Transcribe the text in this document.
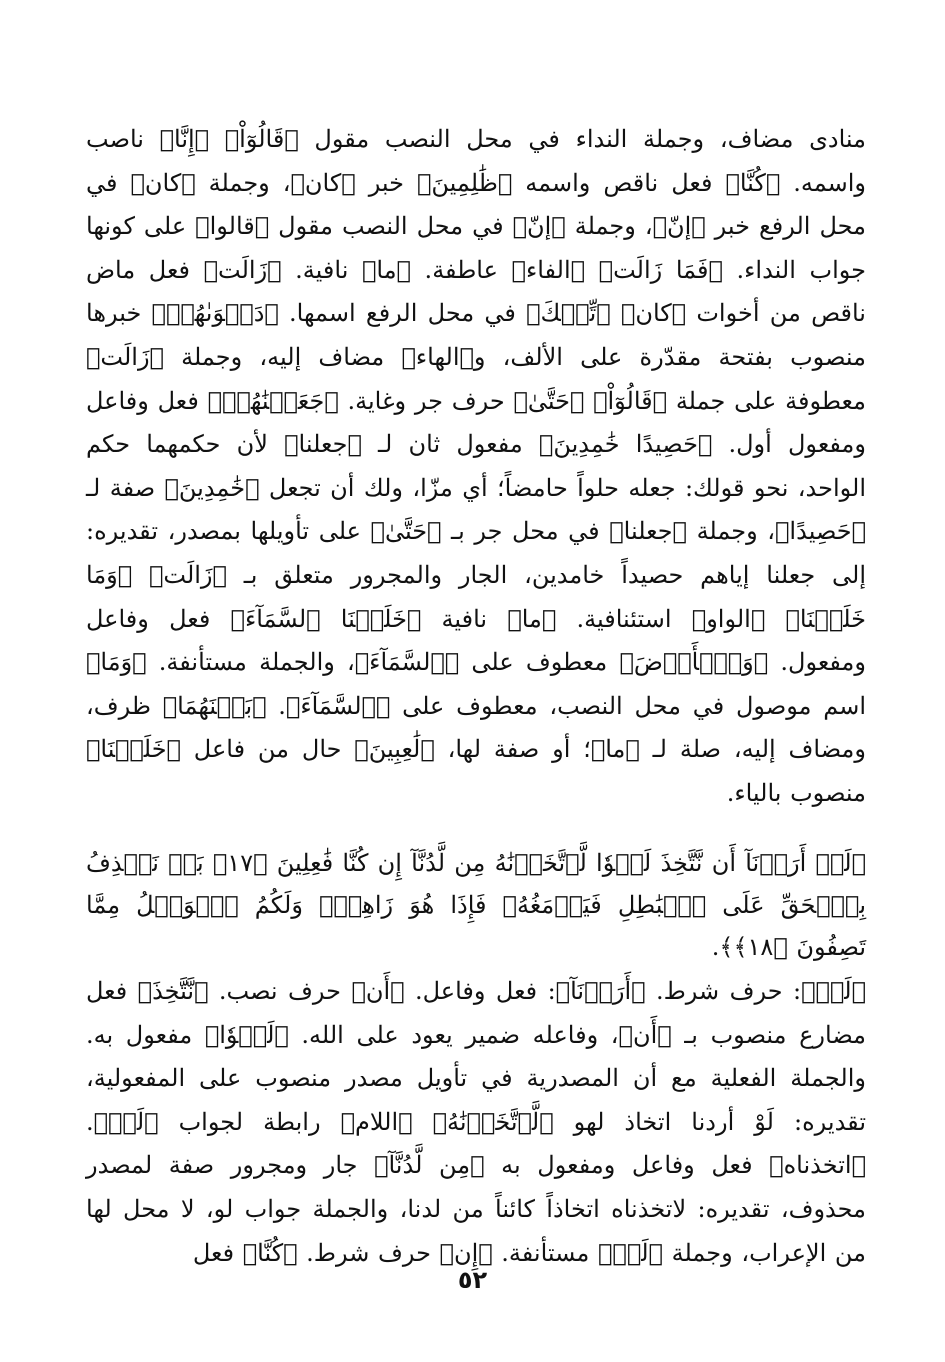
منادى مضاف، وجملة النداء في محل النصب مقول ﴿قَالُوٓاْ﴾ ﴿إِنَّا﴾ ناصب واسمه. ﴿كُنَّا﴾ فعل ناقص واسمه ﴿ظَٰلِمِينَ﴾ خبر ﴿كان﴾، وجملة ﴿كان﴾ في محل الرفع خبر ﴿إنّ﴾، وجملة ﴿إنّ﴾ في محل النصب مقول ﴿قالوا﴾ على كونها جواب النداء. ﴿فَمَا زَالَت﴾ ﴿الفاء﴾ عاطفة. ﴿ما﴾ نافية. ﴿زَالَت﴾ فعل ماض ناقص من أخوات ﴿كان﴾ ﴿تِّلۡكَ﴾ في محل الرفع اسمها. ﴿دَعۡوَىٰهُمۡ﴾ خبرها منصوب بفتحة مقدّرة على الألف، و﴿الهاء﴾ مضاف إليه، وجملة ﴿زَالَت﴾ معطوفة على جملة ﴿قَالُوٓاْ﴾ ﴿حَتَّىٰ﴾ حرف جر وغاية. ﴿جَعَلۡنَٰهُمۡ﴾ فعل وفاعل ومفعول أول. ﴿حَصِيدًا خَٰمِدِينَ﴾ مفعول ثان لـ ﴿جعلنا﴾ لأن حكمهما حكم الواحد، نحو قولك: جعله حلواً حامضاً؛ أي مزّا، ولك أن تجعل ﴿خَٰمِدِينَ﴾ صفة لـ ﴿حَصِيدًا﴾، وجملة ﴿جعلنا﴾ في محل جر بـ ﴿حَتَّىٰ﴾ على تأويلها بمصدر، تقديره: إلى جعلنا إياهم حصيداً خامدين، الجار والمجرور متعلق بـ ﴿زَالَت﴾ ﴿وَمَا خَلَقۡنَا﴾ ﴿الواو﴾ استئنافية. ﴿ما﴾ نافية ﴿خَلَقۡنَا ٱلسَّمَآءَ﴾ فعل وفاعل ومفعول. ﴿وَٱلۡأَرۡضَ﴾ معطوف على ﴿ٱلسَّمَآءَ﴾، والجملة مستأنفة. ﴿وَمَا﴾ اسم موصول في محل النصب، معطوف على ﴿ٱلسَّمَآءَ﴾. ﴿بَيۡنَهُمَا﴾ ظرف، ومضاف إليه، صلة لـ ﴿ما﴾؛ أو صفة لها، ﴿لَٰعِبِينَ﴾ حال من فاعل ﴿خَلَقۡنَا﴾ منصوب بالياء.

﴿لَوۡ أَرَدۡنَآ أَن نَّتَّخِذَ لَهۡوٗا لَّٱتَّخَذۡنَٰهُ مِن لَّدُنَّآ إِن كُنَّا فَٰعِلِينَ ﴿١٧﴾ بَلۡ نَقۡذِفُ بِٱلۡحَقِّ عَلَى ٱلۡبَٰطِلِ فَيَدۡمَغُهُۥ فَإِذَا هُوَ زَاهِقٞۚ وَلَكُمُ ٱلۡوَيۡلُ مِمَّا تَصِفُونَ ﴿١٨﴾﴾.

﴿لَوۡ﴾: حرف شرط. ﴿أَرَدۡنَآ﴾: فعل وفاعل. ﴿أَن﴾ حرف نصب. ﴿نَّتَّخِذَ﴾ فعل مضارع منصوب بـ ﴿أَن﴾، وفاعله ضمير يعود على الله. ﴿لَهۡوٗا﴾ مفعول به. والجملة الفعلية مع أن المصدرية في تأويل مصدر منصوب على المفعولية، تقديره: لَوْ أردنا اتخاذ لهو ﴿لَّٱتَّخَذۡنَٰهُ﴾ ﴿اللام﴾ رابطة لجواب ﴿لَوۡ﴾. ﴿اتخذناه﴾ فعل وفاعل ومفعول به ﴿مِن لَّدُنَّآ﴾ جار ومجرور صفة لمصدر محذوف، تقديره: لاتخذناه اتخاذاً كائناً من لدنا، والجملة جواب لو، لا محل لها من الإعراب، وجملة ﴿لَوۡ﴾ مستأنفة. ﴿إِن﴾ حرف شرط. ﴿كُنَّا﴾ فعل

٥٢
